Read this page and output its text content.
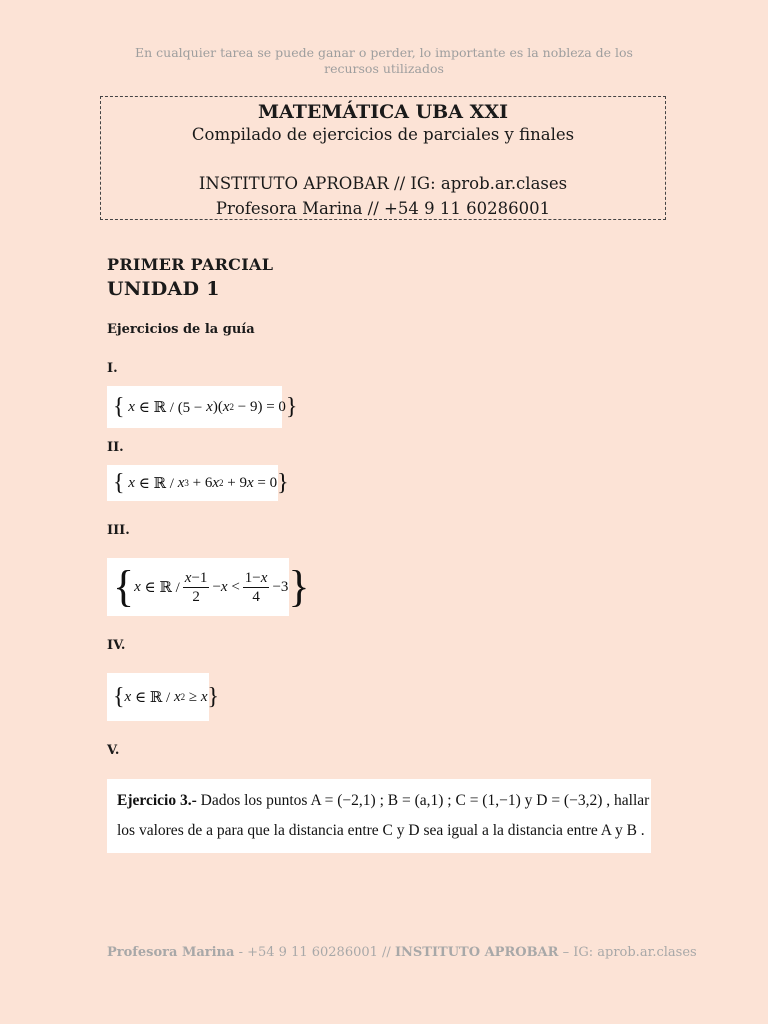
En cualquier tarea se puede ganar o perder, lo importante es la nobleza de los recursos utilizados
MATEMÁTICA UBA XXI
Compilado de ejercicios de parciales y finales
INSTITUTO APROBAR // IG: aprob.ar.clases
Profesora Marina // +54 9 11 60286001
PRIMER PARCIAL
UNIDAD 1
Ejercicios de la guía
I.
{
x ∈ ℝ / (5 − x )( x 2 − 9) = 0 }
II.
{
x ∈ ℝ / x 3 + 6 x 2 + 9 x = 0 }
III.
{ x ∈ ℝ / $\frac{x-1}{2} - x < \frac{1-x}{4} -3$ }
IV.
{ x ∈ ℝ / x 2 ≥ x }
V.
Ejercicio 3.- Dados los puntos A = (−2,1) ; B = (a,1) ; C = (1,−1) y D = (−3,2) , hallar
los valores de a para que la distancia entre C y D sea igual a la distancia entre A y B .
Profesora Marina - +54 9 11 60286001 // INSTITUTO APROBAR – IG: aprob.ar.clases
